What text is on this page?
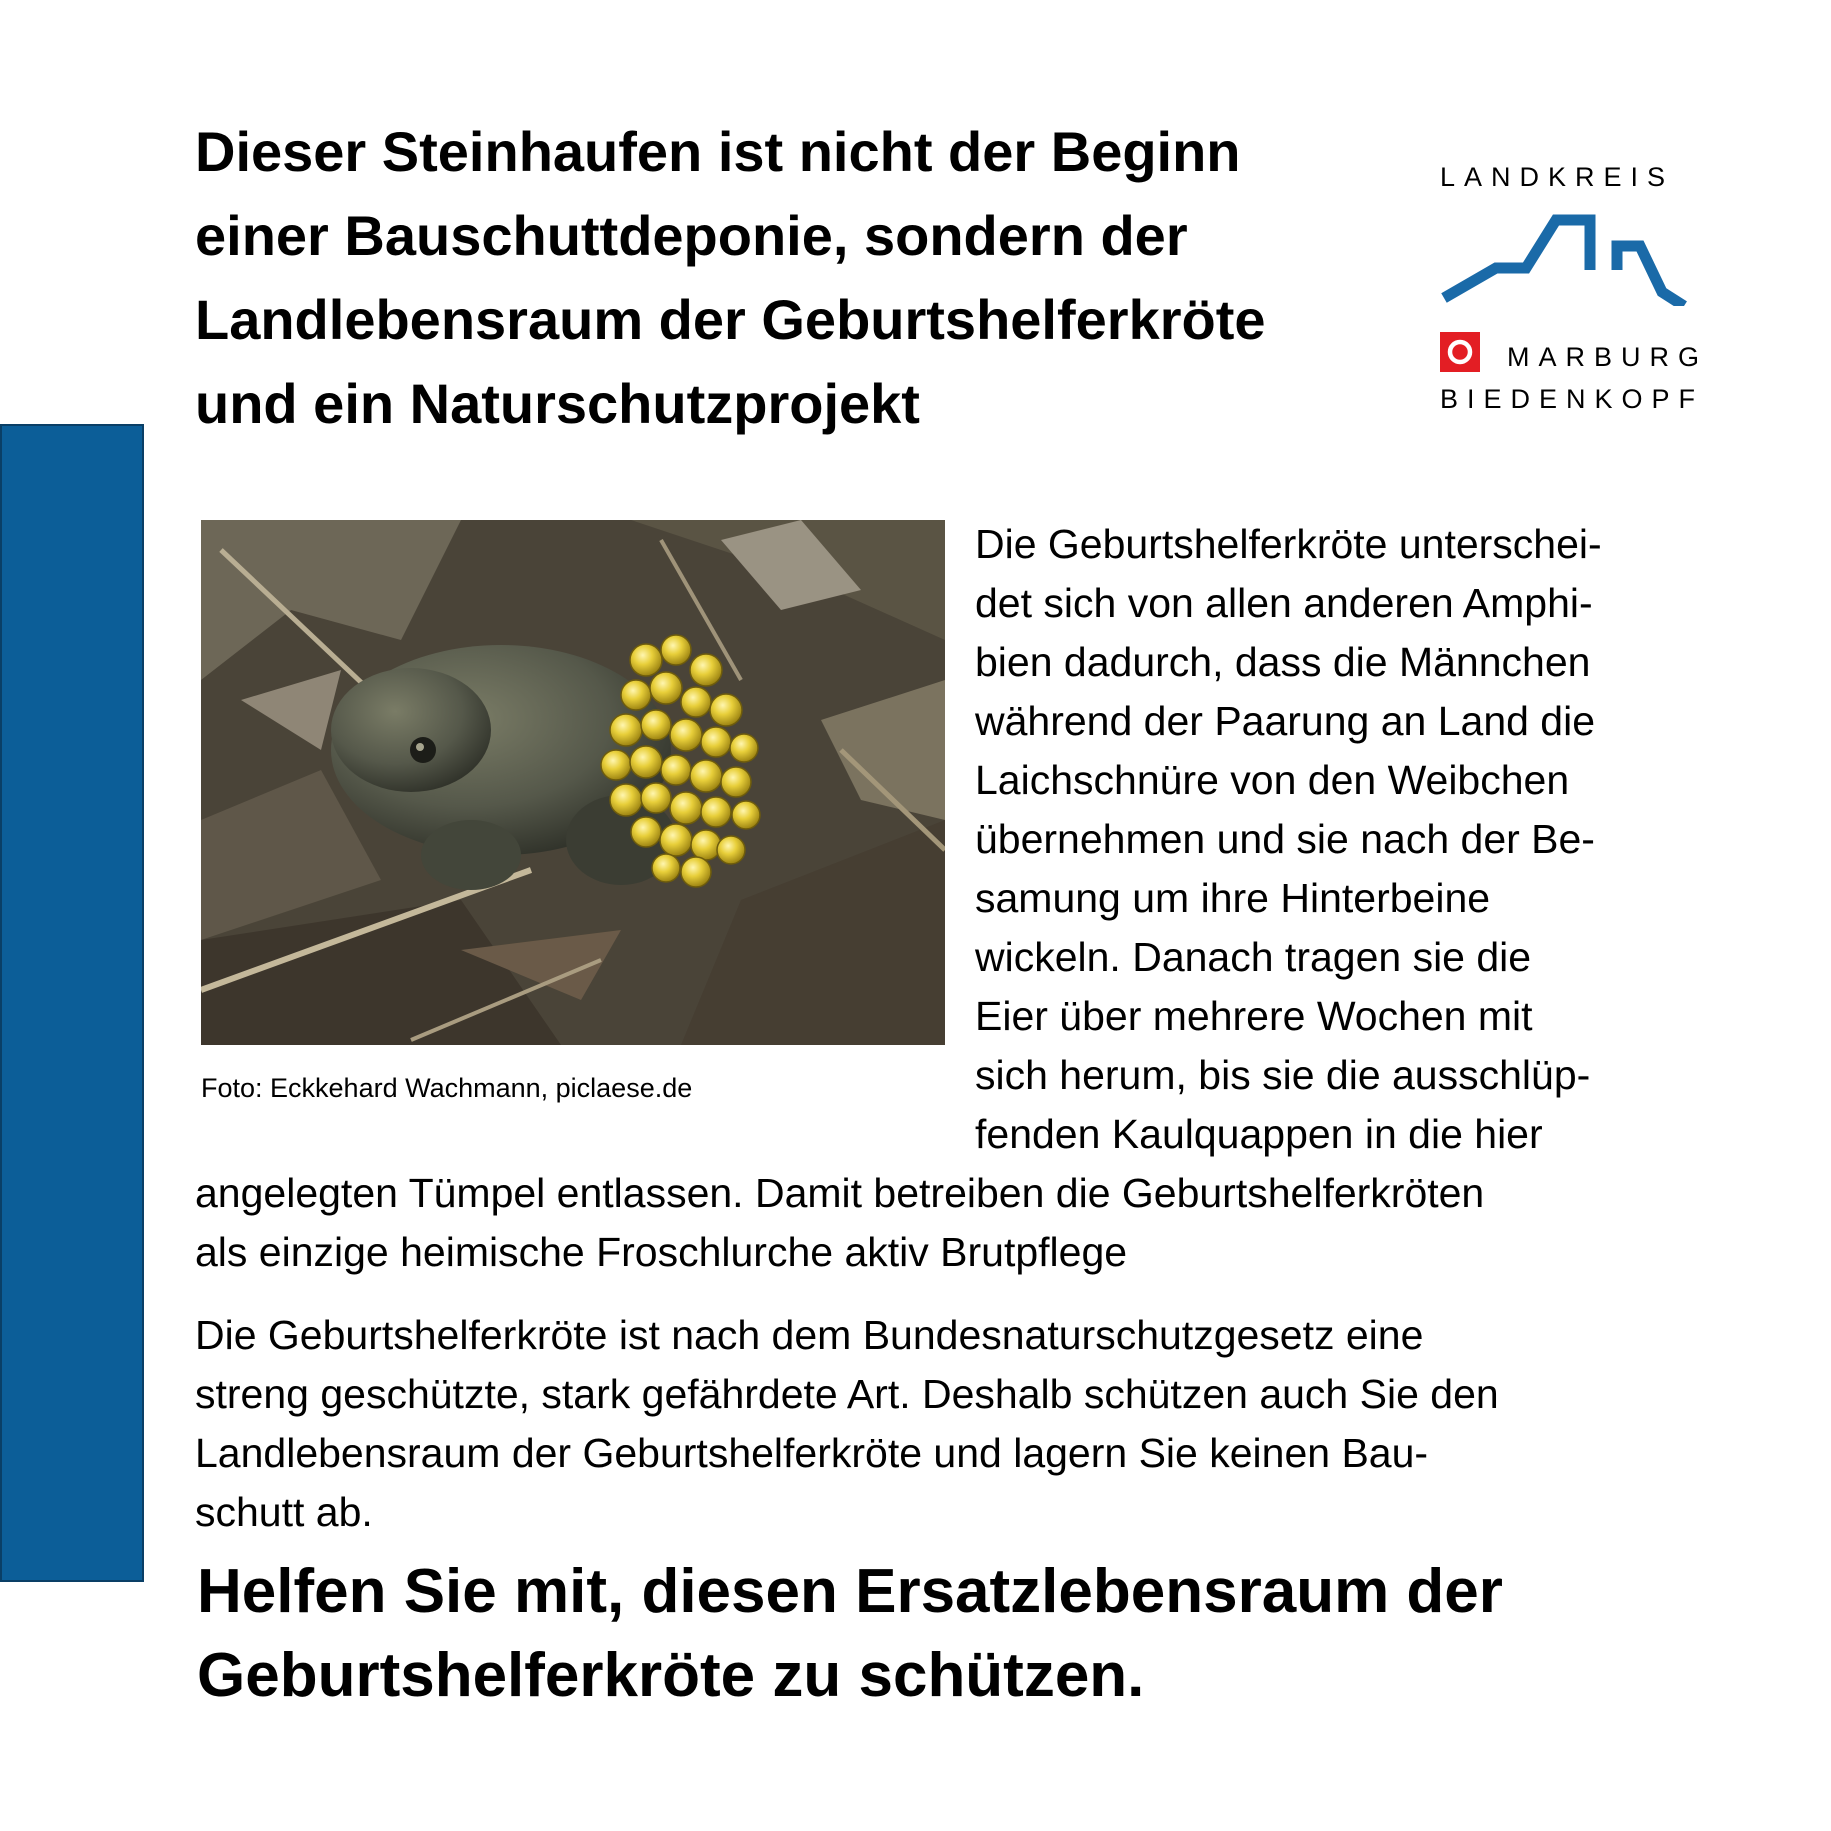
Dieser Steinhaufen ist nicht der Beginn
einer Bauschuttdeponie, sondern der
Landlebensraum der Geburtshelferkröte
und ein Naturschutzprojekt
LANDKREIS
MARBURG
BIEDENKOPF
Foto: Eckkehard Wachmann, piclaese.de
Die Geburtshelferkröte unterschei-
det sich von allen anderen Amphi-
bien dadurch, dass die Männchen
während der Paarung an Land die
Laichschnüre von den Weibchen
übernehmen und sie nach der Be-
samung um ihre Hinterbeine
wickeln. Danach tragen sie die
Eier über mehrere Wochen mit
sich herum, bis sie die ausschlüp-
fenden Kaulquappen in die hier
angelegten Tümpel entlassen. Damit betreiben die Geburtshelferkröten
als einzige heimische Froschlurche aktiv Brutpflege
Die Geburtshelferkröte ist nach dem Bundesnaturschutzgesetz eine
streng geschützte, stark gefährdete Art. Deshalb schützen auch Sie den
Landlebensraum der Geburtshelferkröte und lagern Sie keinen Bau-
schutt ab.
Helfen Sie mit, diesen Ersatzlebensraum der
Geburtshelferkröte zu schützen.
